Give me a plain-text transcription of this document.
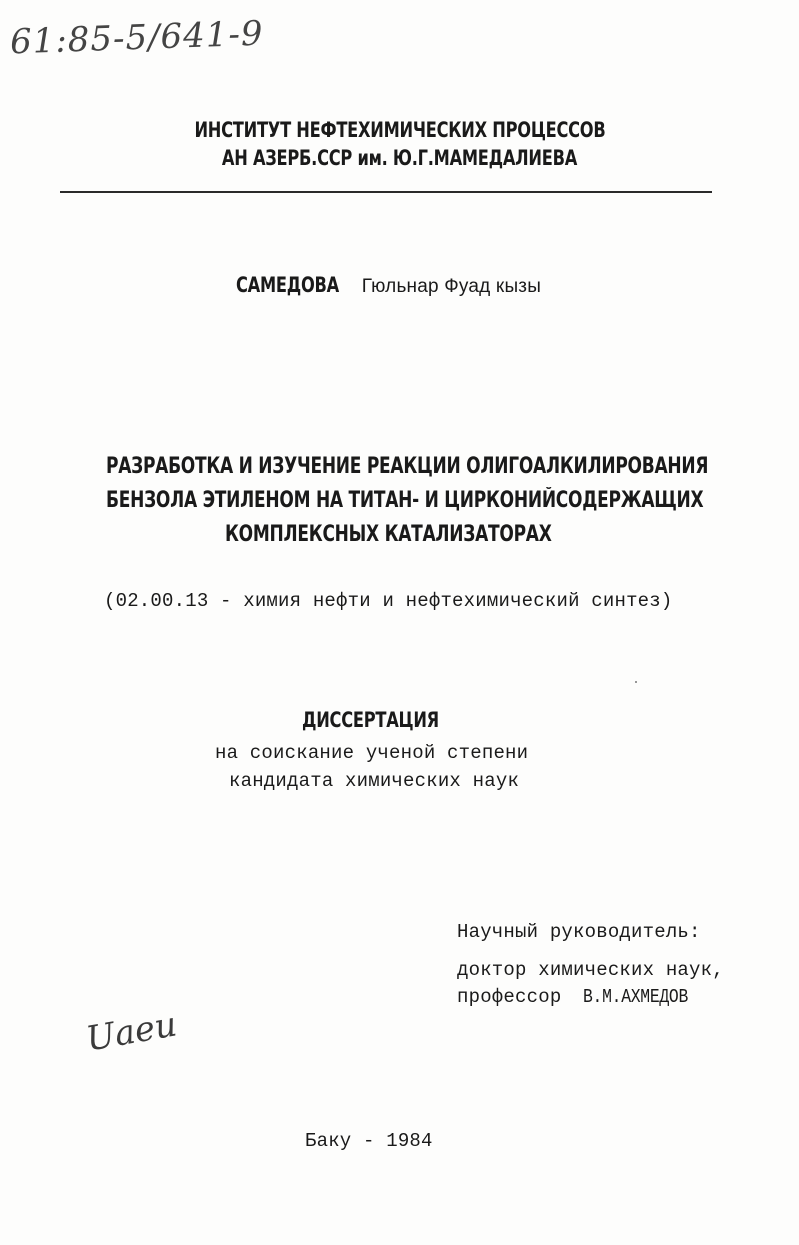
61:85-5/641-9
ИНСТИТУТ НЕФТЕХИМИЧЕСКИХ ПРОЦЕССОВ
АН АЗЕРБ.ССР им. Ю.Г.МАМЕДАЛИЕВА
САМЕДОВА Гюльнар Фуад кызы
РАЗРАБОТКА И ИЗУЧЕНИЕ РЕАКЦИИ ОЛИГОАЛКИЛИРОВАНИЯ
БЕНЗОЛА ЭТИЛЕНОМ НА ТИТАН- И ЦИРКОНИЙСОДЕРЖАЩИХ
КОМПЛЕКСНЫХ КАТАЛИЗАТОРАХ
(02.00.13 - химия нефти и нефтехимический синтез)
ДИССЕРТАЦИЯ
на соискание ученой степени
кандидата химических наук
Научный руководитель:
доктор химических наук,
профессор В.М.АХМЕДОВ
Uaeu
Баку - 1984
